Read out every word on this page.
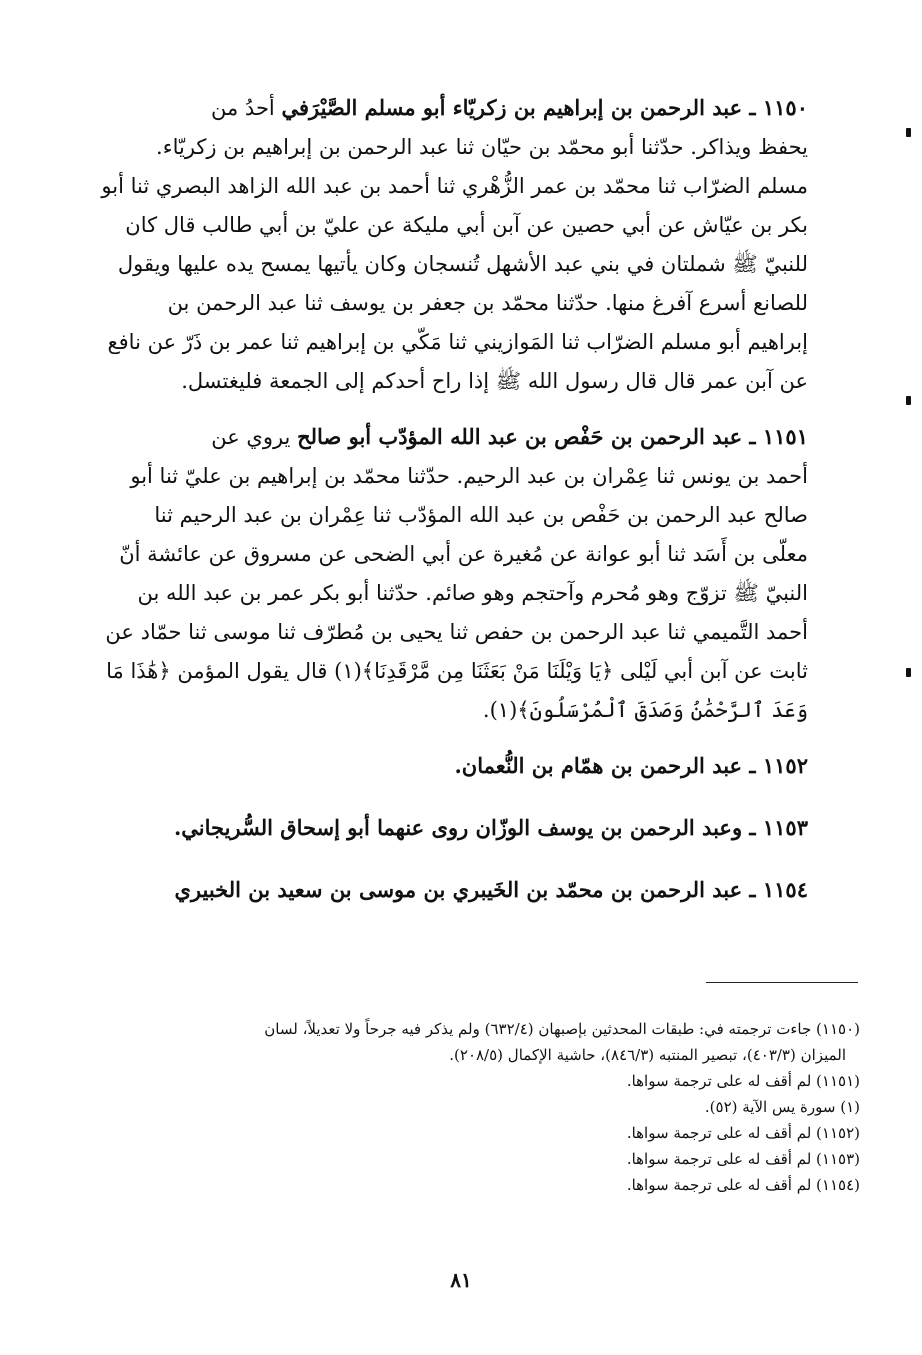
١١٥٠ ـ عبد الرحمن بن إبراهيم بن زكريّاء أبو مسلم الصَّيْرَفي أحدُ من
يحفظ ويذاكر. حدّثنا أبو محمّد بن حيّان ثنا عبد الرحمن بن إبراهيم بن زكريّاء.
مسلم الضرّاب ثنا محمّد بن عمر الزُّهْري ثنا أحمد بن عبد الله الزاهد البصري ثنا أبو
بكر بن عيّاش عن أبي حصين عن آبن أبي مليكة عن عليّ بن أبي طالب قال كان
للنبيّ ﷺ شملتان في بني عبد الأشهل تُنسجان وكان يأتيها يمسح يده عليها ويقول
للصانع أسرع آفرغ منها. حدّثنا محمّد بن جعفر بن يوسف ثنا عبد الرحمن بن
إبراهيم أبو مسلم الضرّاب ثنا المَوازيني ثنا مَكّي بن إبراهيم ثنا عمر بن ذَرّ عن نافع
عن آبن عمر قال قال رسول الله ﷺ إذا راح أحدكم إلى الجمعة فليغتسل.
١١٥١ ـ عبد الرحمن بن حَفْص بن عبد الله المؤدّب أبو صالح يروي عن
أحمد بن يونس ثنا عِمْران بن عبد الرحيم. حدّثنا محمّد بن إبراهيم بن عليّ ثنا أبو
صالح عبد الرحمن بن حَفْص بن عبد الله المؤدّب ثنا عِمْران بن عبد الرحيم ثنا
معلّى بن أَسَد ثنا أبو عوانة عن مُغيرة عن أبي الضحى عن مسروق عن عائشة أنّ
النبيّ ﷺ تزوّج وهو مُحرم وآحتجم وهو صائم. حدّثنا أبو بكر عمر بن عبد الله بن
أحمد التَّميمي ثنا عبد الرحمن بن حفص ثنا يحيى بن مُطرّف ثنا موسى ثنا حمّاد عن
ثابت عن آبن أبي لَيْلى ﴿يَا وَيْلَنَا مَنْ بَعَثَنَا مِن مَّرْقَدِنَا﴾(١) قال يقول المؤمن ﴿هَٰذَا مَا
وَعَدَ ٱلرَّحْمَٰنُ وَصَدَقَ ٱلْمُرْسَلُونَ﴾(١).
١١٥٢ ـ عبد الرحمن بن همّام بن النُّعمان.
١١٥٣ ـ وعبد الرحمن بن يوسف الوزّان روى عنهما أبو إسحاق السُّريجاني.
١١٥٤ ـ عبد الرحمن بن محمّد بن الخَيبري بن موسى بن سعيد بن الخبيري
(١١٥٠) جاءت ترجمته في: طبقات المحدثين بإصبهان (٦٣٢/٤) ولم يذكر فيه جرحاً ولا تعديلاً، لسان
الميزان (٤٠٣/٣)، تبصير المنتبه (٨٤٦/٣)، حاشية الإكمال (٢٠٨/٥).
(١١٥١) لم أقف له على ترجمة سواها.
(١) سورة يس الآية (٥٢).
(١١٥٢) لم أقف له على ترجمة سواها.
(١١٥٣) لم أقف له على ترجمة سواها.
(١١٥٤) لم أقف له على ترجمة سواها.
٨١
